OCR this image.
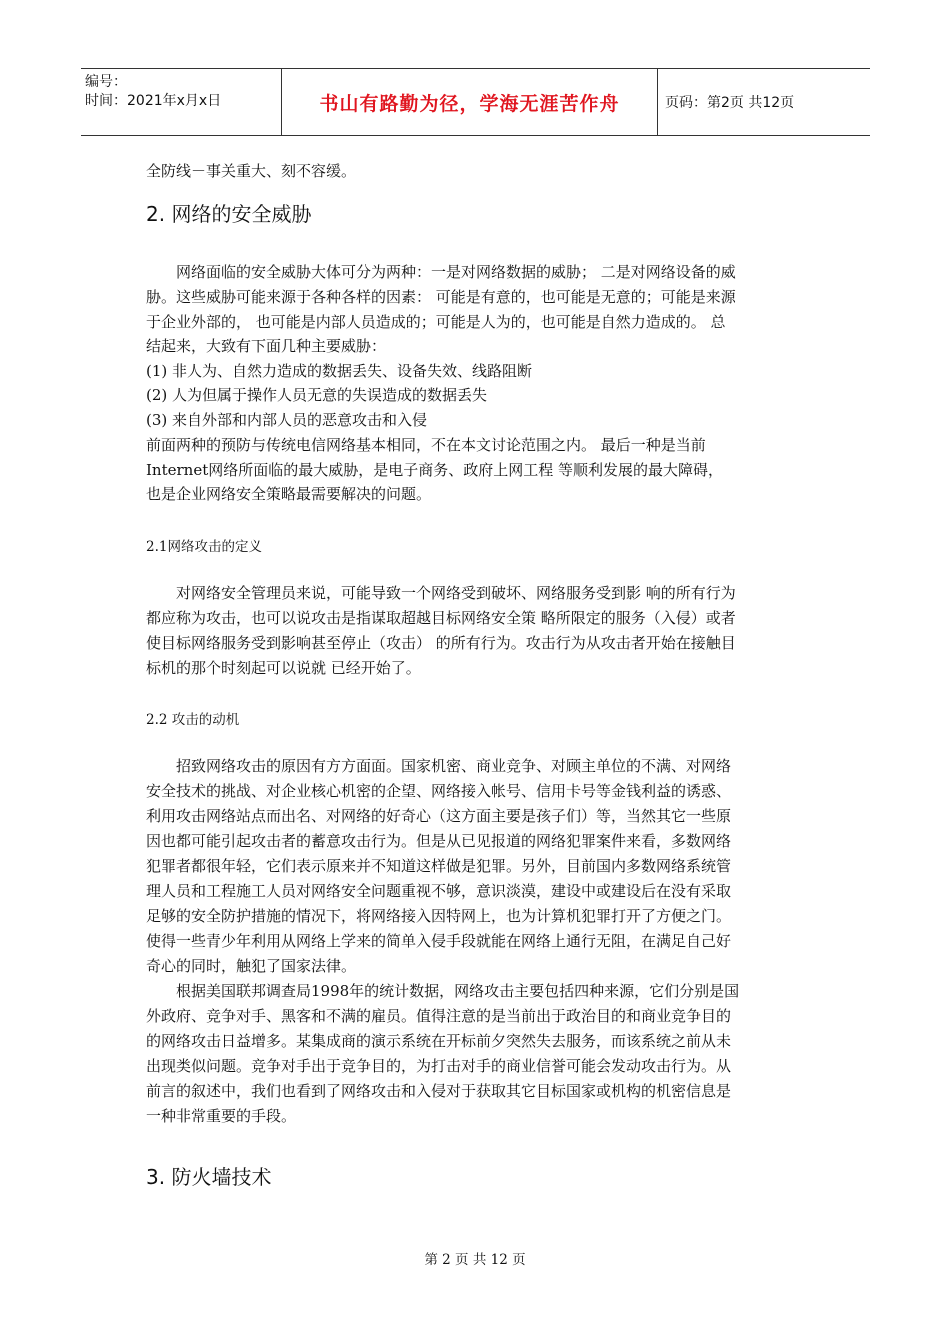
编号：
时间：2021年x月x日	书山有路勤为径，学海无涯苦作舟	页码：第2页 共12页
全防线－事关重大、刻不容缓。
2. 网络的安全威胁
网络面临的安全威胁大体可分为两种：一是对网络数据的威胁； 二是对网络设备的威
胁。这些威胁可能来源于各种各样的因素： 可能是有意的，也可能是无意的；可能是来源
于企业外部的， 也可能是内部人员造成的；可能是人为的，也可能是自然力造成的。 总
结起来，大致有下面几种主要威胁：
(1) 非人为、自然力造成的数据丢失、设备失效、线路阻断
(2) 人为但属于操作人员无意的失误造成的数据丢失
(3) 来自外部和内部人员的恶意攻击和入侵
前面两种的预防与传统电信网络基本相同，不在本文讨论范围之内。 最后一种是当前
Internet网络所面临的最大威胁，是电子商务、政府上网工程 等顺利发展的最大障碍，
也是企业网络安全策略最需要解决的问题。
2.1网络攻击的定义
对网络安全管理员来说，可能导致一个网络受到破坏、网络服务受到影 响的所有行为
都应称为攻击，也可以说攻击是指谋取超越目标网络安全策 略所限定的服务（入侵）或者
使目标网络服务受到影响甚至停止（攻击） 的所有行为。攻击行为从攻击者开始在接触目
标机的那个时刻起可以说就 已经开始了。
2.2 攻击的动机
招致网络攻击的原因有方方面面。国家机密、商业竞争、对顾主单位的不满、对网络
安全技术的挑战、对企业核心机密的企望、网络接入帐号、信用卡号等金钱利益的诱惑、
利用攻击网络站点而出名、对网络的好奇心（这方面主要是孩子们）等，当然其它一些原
因也都可能引起攻击者的蓄意攻击行为。但是从已见报道的网络犯罪案件来看，多数网络
犯罪者都很年轻，它们表示原来并不知道这样做是犯罪。另外，目前国内多数网络系统管
理人员和工程施工人员对网络安全问题重视不够，意识淡漠，建设中或建设后在没有采取
足够的安全防护措施的情况下，将网络接入因特网上，也为计算机犯罪打开了方便之门。
使得一些青少年利用从网络上学来的简单入侵手段就能在网络上通行无阻，在满足自己好
奇心的同时，触犯了国家法律。
根据美国联邦调查局1998年的统计数据，网络攻击主要包括四种来源，它们分别是国
外政府、竞争对手、黑客和不满的雇员。值得注意的是当前出于政治目的和商业竞争目的
的网络攻击日益增多。某集成商的演示系统在开标前夕突然失去服务，而该系统之前从未
出现类似问题。竞争对手出于竞争目的，为打击对手的商业信誉可能会发动攻击行为。从
前言的叙述中，我们也看到了网络攻击和入侵对于获取其它目标国家或机构的机密信息是
一种非常重要的手段。
3. 防火墙技术
第 2 页 共 12 页
